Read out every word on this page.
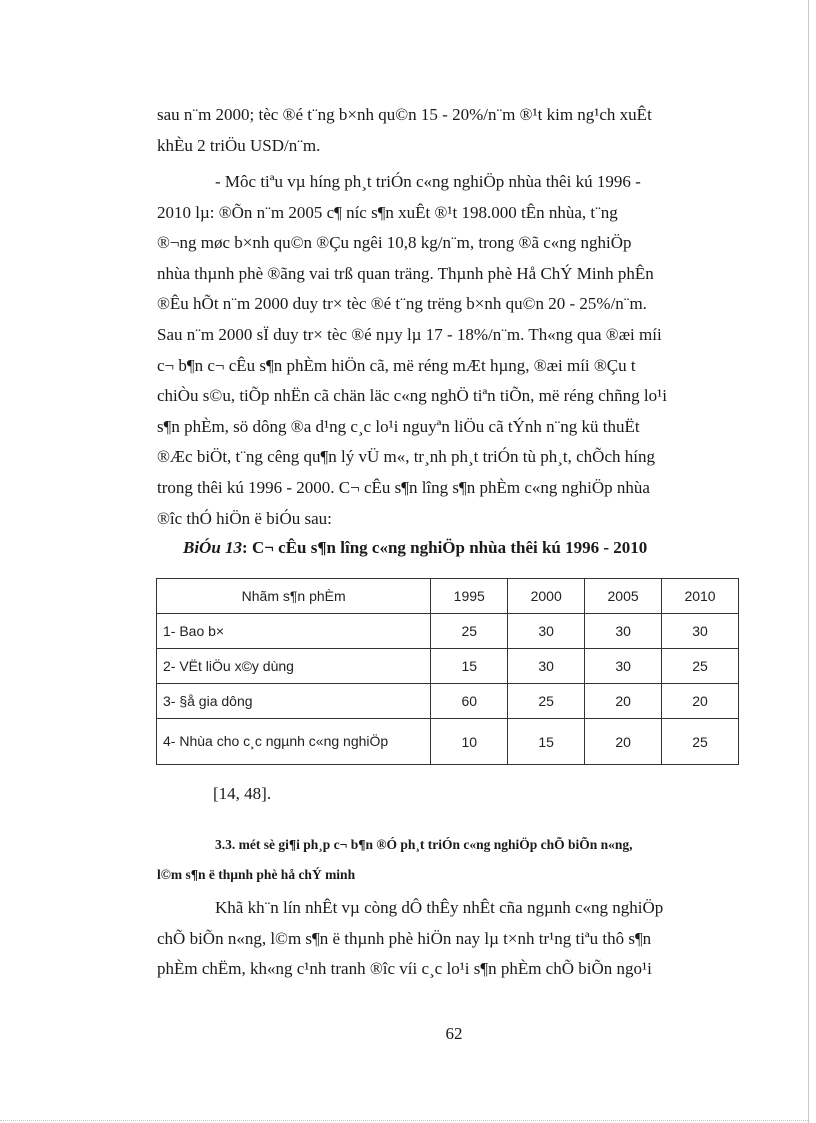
sau n¨m 2000; tèc ®é t¨ng b×nh qu©n 15 - 20%/n¨m ®¹t kim ng¹ch xuÊt
khÈu 2 triÖu USD/n¨m.

- Môc tiªu vµ híng ph¸t triÓn c«ng nghiÖp nhùa thêi kú 1996 -
2010 lµ: ®Õn n¨m 2005 c¶ níc s¶n xuÊt ®¹t 198.000 tÊn nhùa, t¨ng
®¬ng møc b×nh qu©n ®Çu ngêi 10,8 kg/n¨m, trong ®ã c«ng nghiÖp
nhùa thµnh phè ®ãng vai trß quan träng. Thµnh phè Hå ChÝ Minh phÊn
®Êu hÕt n¨m 2000 duy tr× tèc ®é t¨ng trëng b×nh qu©n 20 - 25%/n¨m.
Sau n¨m 2000 sÏ duy tr× tèc ®é nµy lµ 17 - 18%/n¨m. Th«ng qua ®æi míi
c¬ b¶n c¬ cÊu s¶n phÈm hiÖn cã, më réng mÆt hµng, ®æi míi ®Çu t
chiÒu s©u, tiÕp nhËn cã chän läc c«ng nghÖ tiªn tiÕn, më réng chñng lo¹i
s¶n phÈm, sö dông ®a d¹ng c¸c lo¹i nguyªn liÖu cã tÝnh n¨ng kü thuËt
®Æc biÖt, t¨ng cêng qu¶n lý vÜ m«, tr¸nh ph¸t triÓn tù ph¸t, chÕch híng
trong thêi kú 1996 - 2000. C¬ cÊu s¶n lîng s¶n phÈm c«ng nghiÖp nhùa
®îc thÓ hiÖn ë biÓu sau:

BiÓu 13: C¬ cÊu s¶n lîng c«ng nghiÖp nhùa thêi kú 1996 - 2010
Nhãm s¶n phÈm	1995	2000	2005	2010
1- Bao b×	25	30	30	30
2- VËt liÖu x©y dùng	15	30	30	25
3- §å gia dông	60	25	20	20
4- Nhùa cho c¸c ngµnh c«ng nghiÖp	10	15	20	25
[14, 48].

3.3. mét sè gi¶i ph¸p c¬ b¶n ®Ó ph¸t triÓn c«ng nghiÖp chÕ biÕn n«ng,
l©m s¶n ë thµnh phè hå chÝ minh

Khã kh¨n lín nhÊt vµ còng dÔ thÊy nhÊt cña ngµnh c«ng nghiÖp
chÕ biÕn n«ng, l©m s¶n ë thµnh phè hiÖn nay lµ t×nh tr¹ng tiªu thô s¶n
phÈm chËm, kh«ng c¹nh tranh ®îc víi c¸c lo¹i s¶n phÈm chÕ biÕn ngo¹i

62
